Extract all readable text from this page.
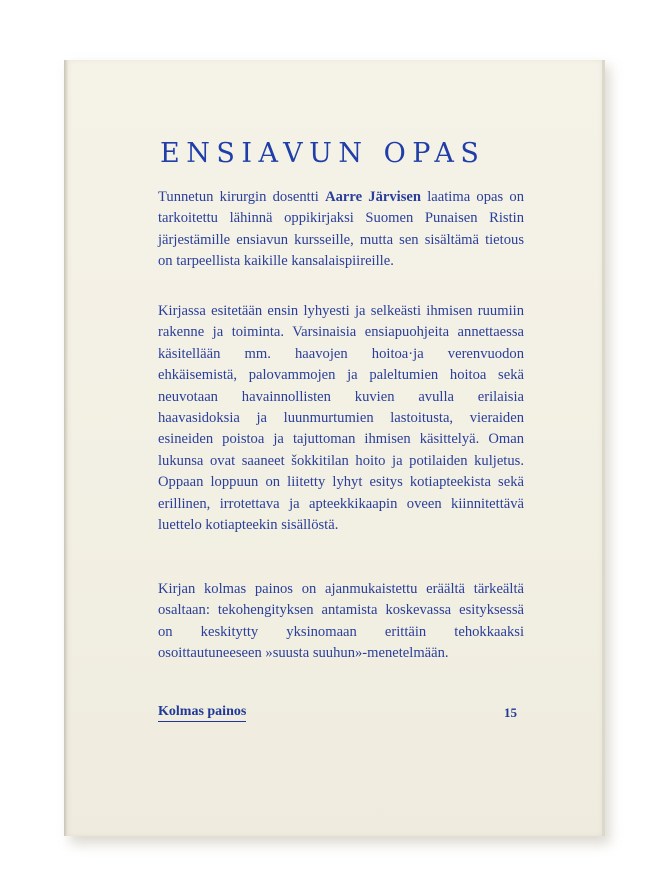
ENSIAVUN OPAS

Tunnetun kirurgin dosentti Aarre Järvisen laatima opas on tarkoitettu lähinnä oppikirjaksi Suomen Punaisen Ristin järjestämille ensiavun kursseille, mutta sen sisältämä tietous on tarpeellista kaikille kansalaispiireille.

Kirjassa esitetään ensin lyhyesti ja selkeästi ihmisen ruumiin rakenne ja toiminta. Varsinaisia ensiapuohjeita annettaessa käsitellään mm. haavojen hoitoa·ja verenvuodon ehkäisemistä, palovammojen ja paleltumien hoitoa sekä neuvotaan havainnollisten kuvien avulla erilaisia haavasidoksia ja luunmurtumien lastoitusta, vieraiden esineiden poistoa ja tajuttoman ihmisen käsittelyä. Oman lukunsa ovat saaneet šokkitilan hoito ja potilaiden kuljetus. Oppaan loppuun on liitetty lyhyt esitys kotiapteekista sekä erillinen, irrotettava ja apteekkikaapin oveen kiinnitettävä luettelo kotiapteekin sisällöstä.

Kirjan kolmas painos on ajanmukaistettu eräältä tärkeältä osaltaan: tekohengityksen antamista koskevassa esityksessä on keskitytty yksinomaan erittäin tehokkaaksi osoittautuneeseen »suusta suuhun»-menetelmään.

Kolmas painos	15
